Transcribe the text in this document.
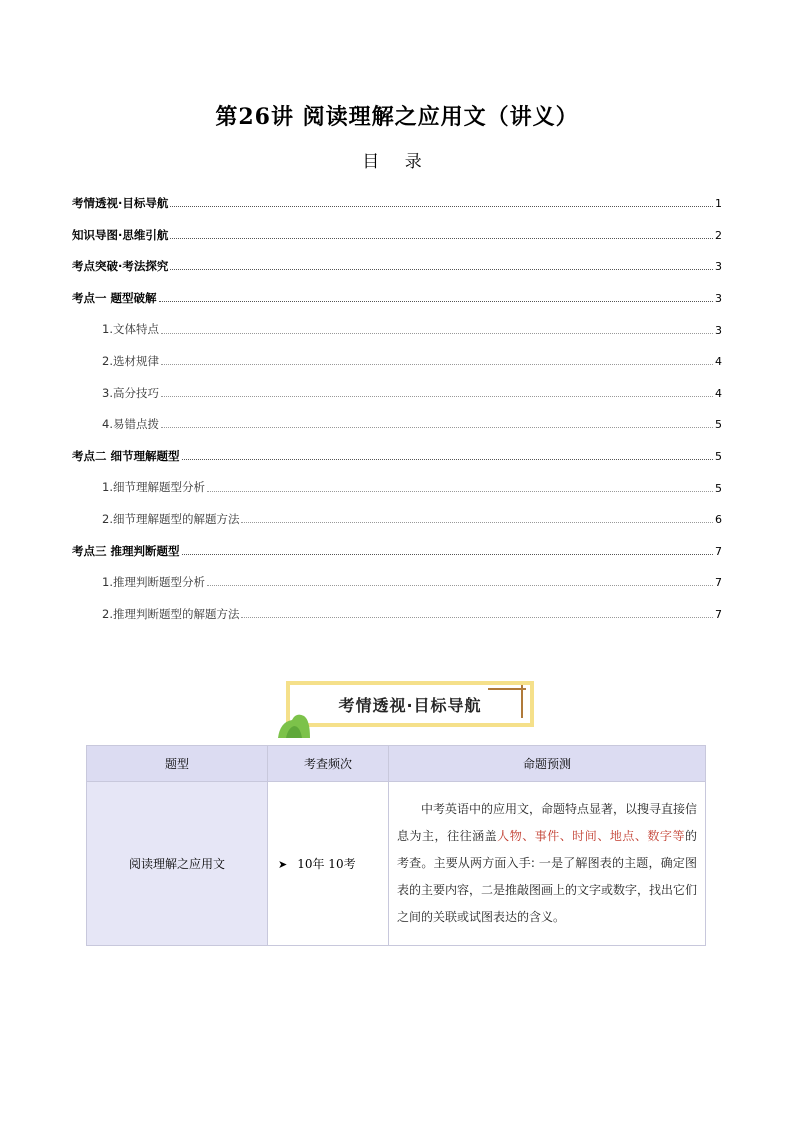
第26讲 阅读理解之应用文（讲义）
目 录
考情透视·目标导航	1
知识导图·思维引航	2
考点突破·考法探究	3
考点一 题型破解	3
1.文体特点	3
2.选材规律	4
3.高分技巧	4
4.易错点拨	5
考点二 细节理解题型	5
1.细节理解题型分析	5
2.细节理解题型的解题方法	6
考点三 推理判断题型	7
1.推理判断题型分析	7
2.推理判断题型的解题方法	7
考情透视·目标导航
题型	考查频次	命题预测
阅读理解之应用文	➤ 10年 10考	中考英语中的应用文，命题特点显著，以搜寻直接信息为主，往往涵盖人物、事件、时间、地点、数字等的考查。主要从两方面入手: 一是了解图表的主题，确定图表的主要内容，二是推敲图画上的文字或数字，找出它们之间的关联或试图表达的含义。
